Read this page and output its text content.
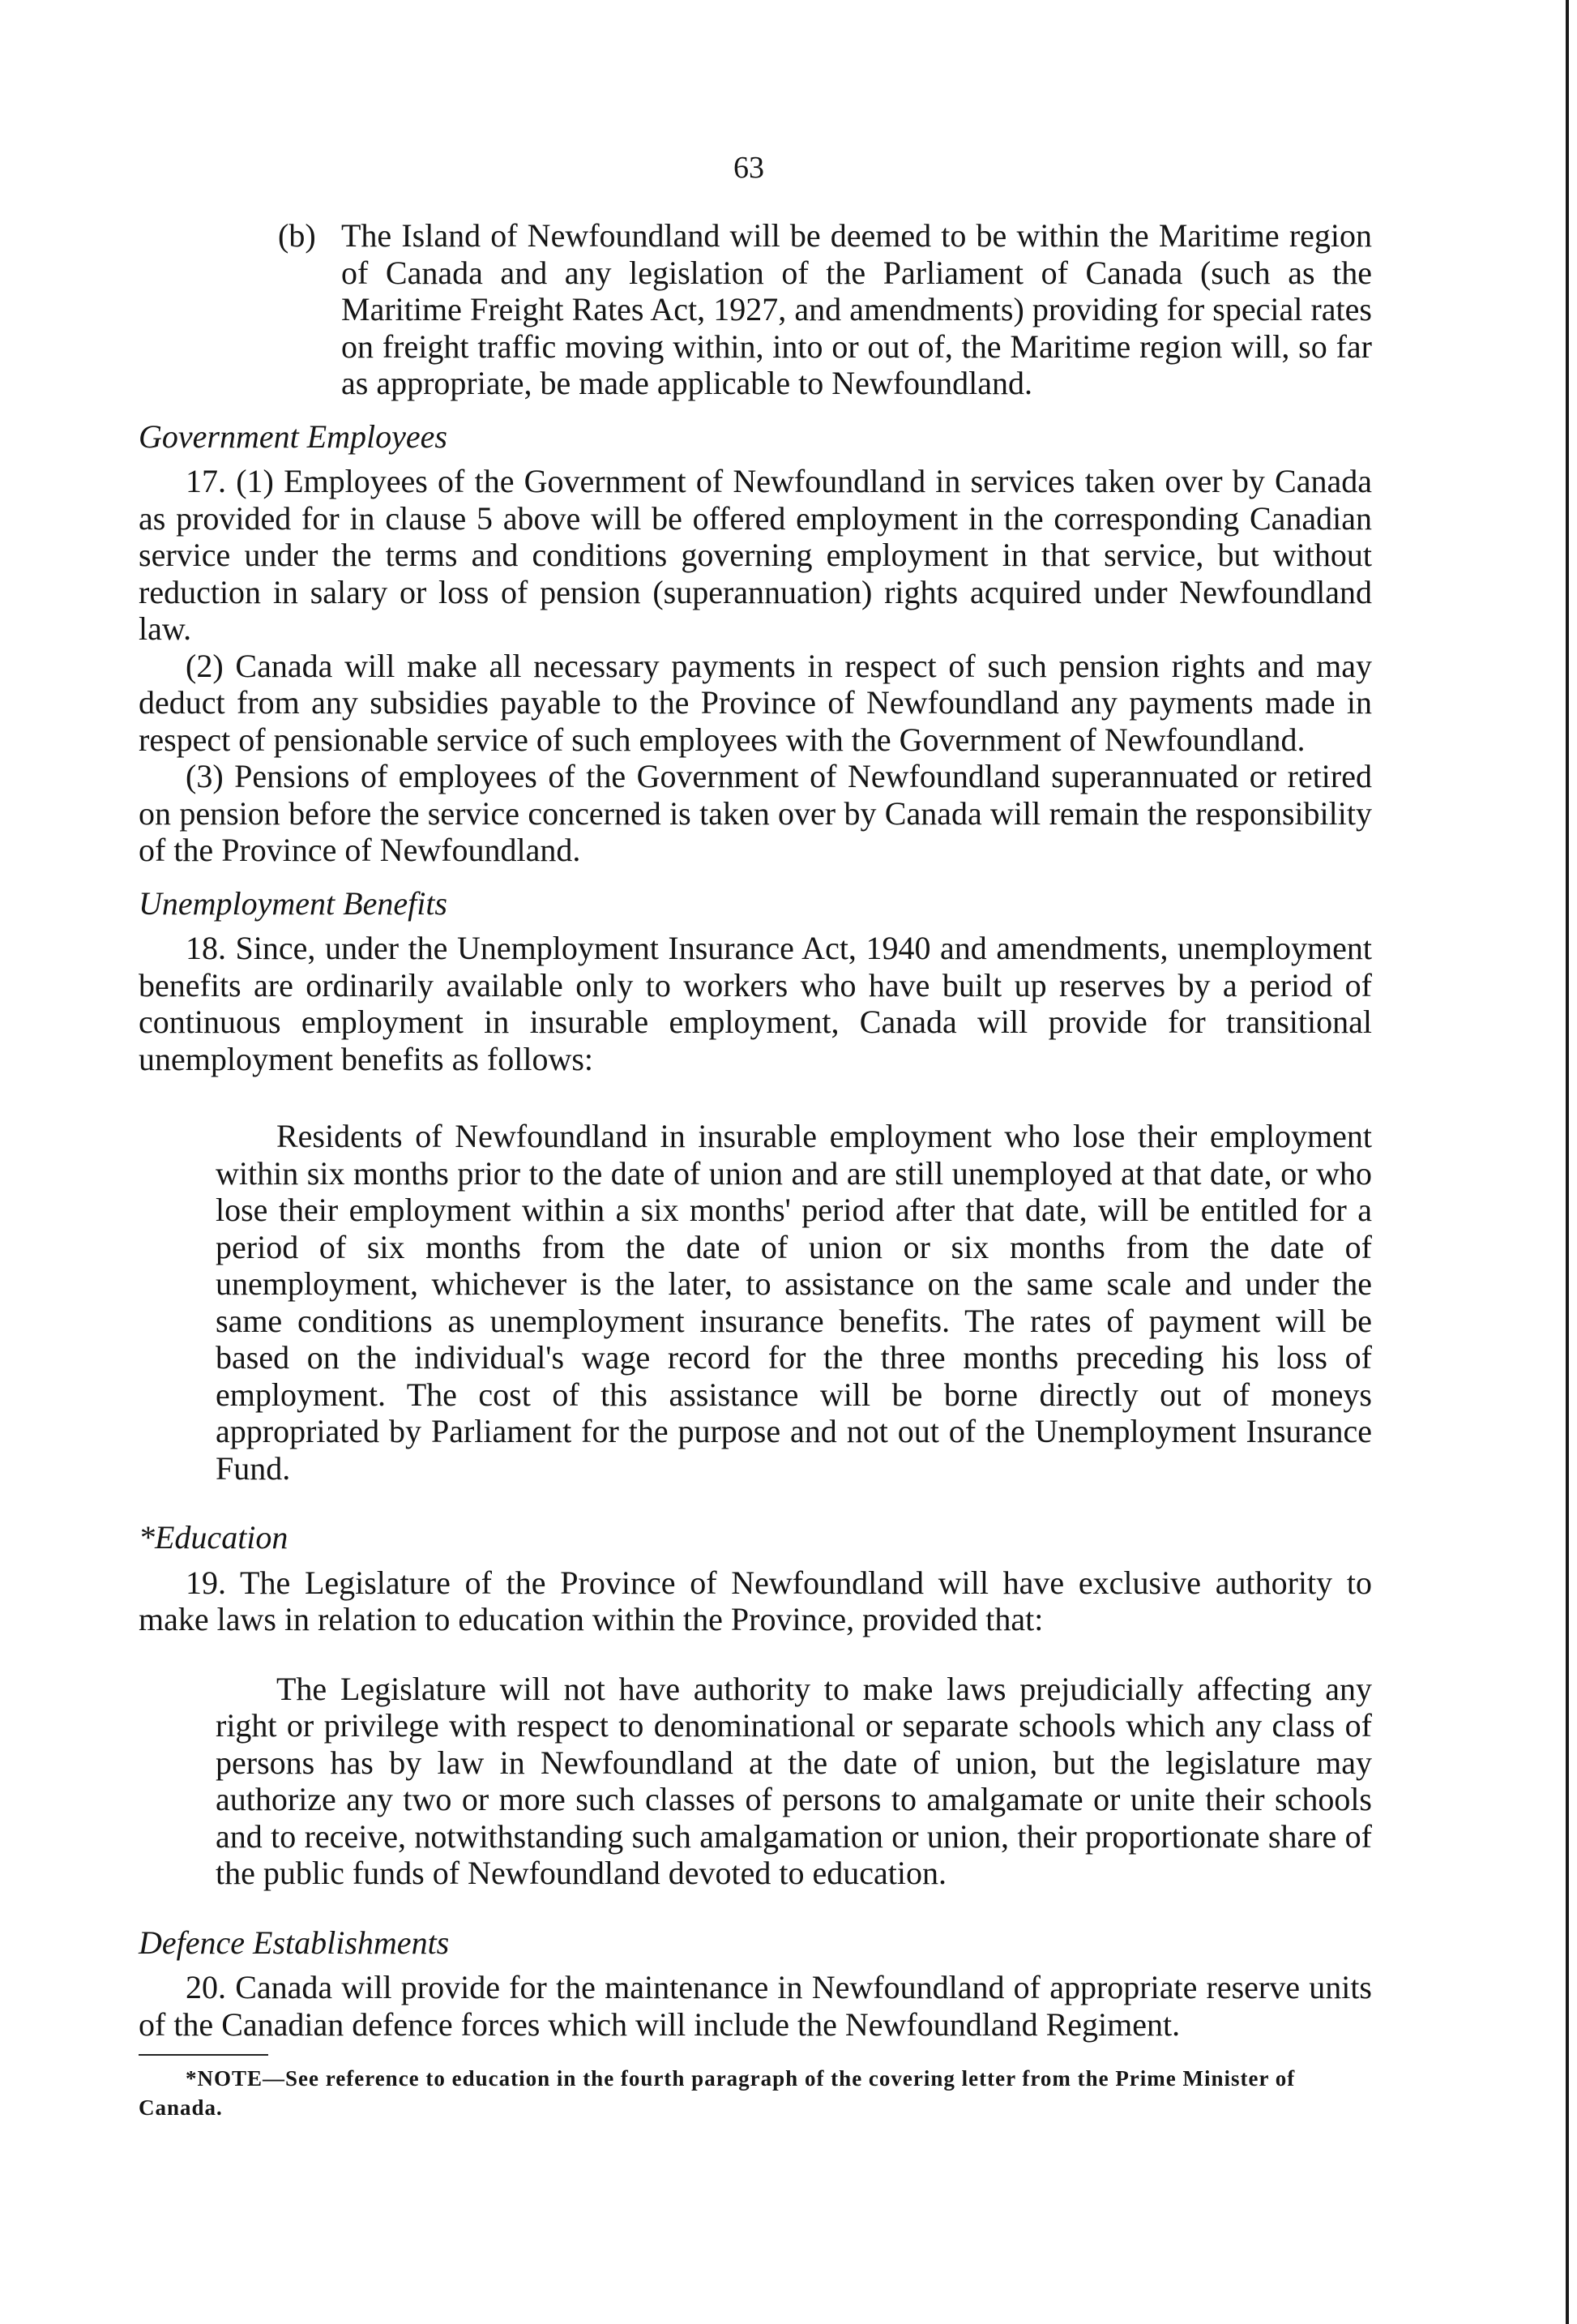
63
(b) The Island of Newfoundland will be deemed to be within the Maritime region of Canada and any legislation of the Parliament of Canada (such as the Maritime Freight Rates Act, 1927, and amendments) providing for special rates on freight traffic moving within, into or out of, the Maritime region will, so far as appropriate, be made applicable to Newfoundland.

Government Employees

17. (1) Employees of the Government of Newfoundland in services taken over by Canada as provided for in clause 5 above will be offered employment in the corresponding Canadian service under the terms and conditions governing employment in that service, but without reduction in salary or loss of pension (superannuation) rights acquired under Newfoundland law.

(2) Canada will make all necessary payments in respect of such pension rights and may deduct from any subsidies payable to the Province of Newfoundland any payments made in respect of pensionable service of such employees with the Government of Newfoundland.

(3) Pensions of employees of the Government of Newfoundland superannuated or retired on pension before the service concerned is taken over by Canada will remain the responsibility of the Province of Newfoundland.

Unemployment Benefits

18. Since, under the Unemployment Insurance Act, 1940 and amendments, unemployment benefits are ordinarily available only to workers who have built up reserves by a period of continuous employment in insurable employment, Canada will provide for transitional unemployment benefits as follows:

Residents of Newfoundland in insurable employment who lose their employment within six months prior to the date of union and are still unemployed at that date, or who lose their employment within a six months' period after that date, will be entitled for a period of six months from the date of union or six months from the date of unemployment, whichever is the later, to assistance on the same scale and under the same conditions as unemployment insurance benefits. The rates of payment will be based on the individual's wage record for the three months preceding his loss of employment. The cost of this assistance will be borne directly out of moneys appropriated by Parliament for the purpose and not out of the Unemployment Insurance Fund.

*Education

19. The Legislature of the Province of Newfoundland will have exclusive authority to make laws in relation to education within the Province, provided that:

The Legislature will not have authority to make laws prejudicially affecting any right or privilege with respect to denominational or separate schools which any class of persons has by law in Newfoundland at the date of union, but the legislature may authorize any two or more such classes of persons to amalgamate or unite their schools and to receive, notwithstanding such amalgamation or union, their proportionate share of the public funds of Newfoundland devoted to education.

Defence Establishments

20. Canada will provide for the maintenance in Newfoundland of appropriate reserve units of the Canadian defence forces which will include the Newfoundland Regiment.

*NOTE—See reference to education in the fourth paragraph of the covering letter from the Prime Minister of Canada.
